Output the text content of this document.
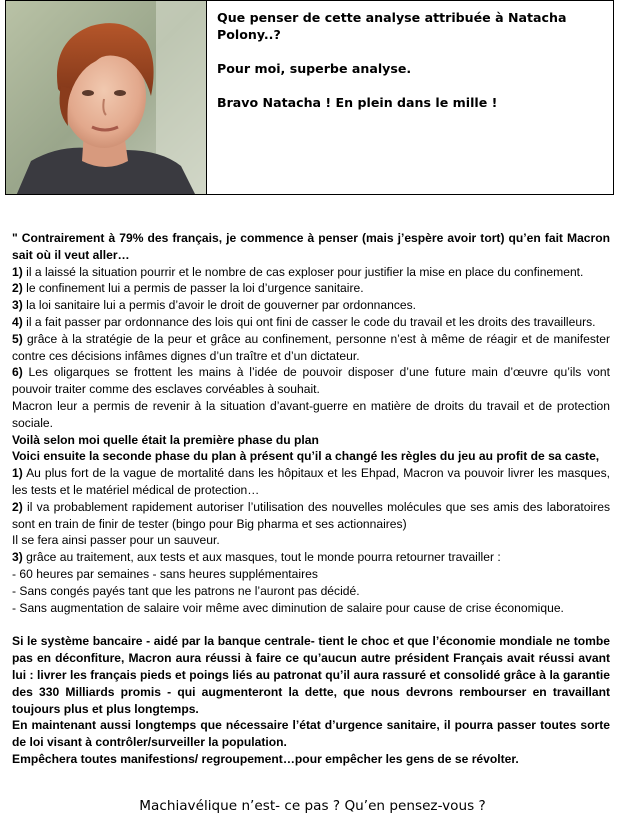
Que penser de cette analyse attribuée à Natacha Polony..?

Pour moi, superbe analyse.

Bravo Natacha ! En plein dans le mille !

" Contrairement à 79% des français, je commence à penser (mais j’espère avoir tort) qu’en fait Macron sait où il veut aller…
1) il a laissé la situation pourrir et le nombre de cas exploser pour justifier la mise en place du confinement.
2) le confinement lui a permis de passer la loi d’urgence sanitaire.
3) la loi sanitaire lui a permis d’avoir le droit de gouverner par ordonnances.
4) il a fait passer par ordonnance des lois qui ont fini de casser le code du travail et les droits des travailleurs.
5) grâce à la stratégie de la peur et grâce au confinement, personne n’est à même de réagir et de manifester contre ces décisions infâmes dignes d’un traître et d’un dictateur.
6) Les oligarques se frottent les mains à l’idée de pouvoir disposer d’une future main d’œuvre qu’ils vont pouvoir traiter comme des esclaves corvéables à souhait.
Macron leur a permis de revenir à la situation d’avant-guerre en matière de droits du travail et de protection sociale.
Voilà selon moi quelle était la première phase du plan
Voici ensuite la seconde phase du plan à présent qu’il a changé les règles du jeu au profit de sa caste,
1) Au plus fort de la vague de mortalité dans les hôpitaux et les Ehpad, Macron va pouvoir livrer les masques, les tests et le matériel médical de protection…
2) il va probablement rapidement autoriser l’utilisation des nouvelles molécules que ses amis des laboratoires sont en train de finir de tester (bingo pour Big pharma et ses actionnaires)
Il se fera ainsi passer pour un sauveur.
3) grâce au traitement, aux tests et aux masques, tout le monde pourra retourner travailler :
- 60 heures par semaines - sans heures supplémentaires
- Sans congés payés tant que les patrons ne l’auront pas décidé.
- Sans augmentation de salaire voir même avec diminution de salaire pour cause de crise économique.
Si le système bancaire - aidé par la banque centrale- tient le choc et que l’économie mondiale ne tombe pas en déconfiture, Macron aura réussi à faire ce qu’aucun autre président Français avait réussi avant lui : livrer les français pieds et poings liés au patronat qu’il aura rassuré et consolidé grâce à la garantie des 330 Milliards promis - qui augmenteront la dette, que nous devrons rembourser en travaillant toujours plus et plus longtemps.
En maintenant aussi longtemps que nécessaire l’état d’urgence sanitaire, il pourra passer toutes sorte de loi visant à contrôler/surveiller la population.
Empêchera toutes manifestions/ regroupement…pour empêcher les gens de se révolter.
Machiavélique n’est- ce pas ? Qu’en pensez-vous ?
